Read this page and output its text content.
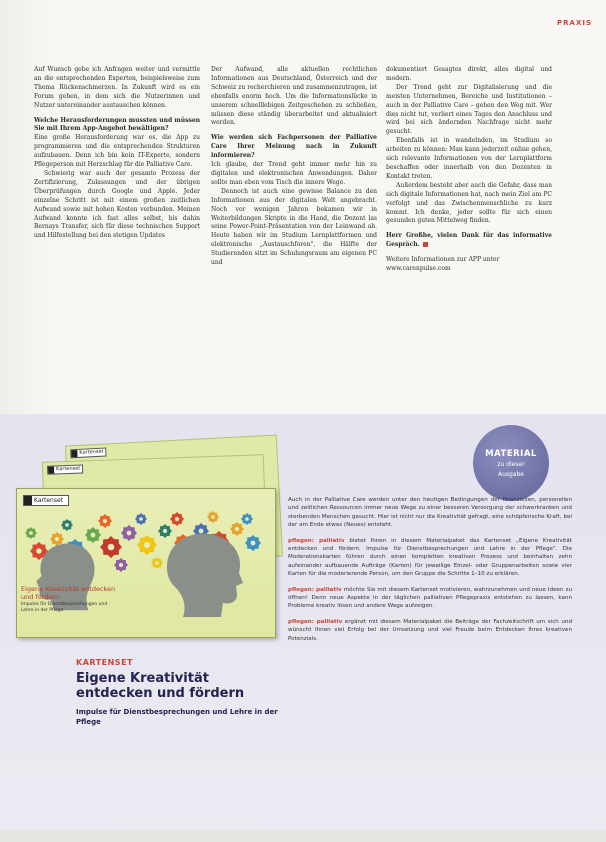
PRAXIS

Auf Wunsch gebe ich Anfragen weiter und vermittle an die entsprechenden Experten, beispielsweise zum Thema Rückenschmerzen. In Zukunft wird es ein Forum geben, in dem sich die Nutzerinnen und Nutzer untereinander austauschen können.

Welche Herausforderungen mussten und müssen Sie mit Ihrem App-Angebot bewältigen?

Eine große Herausforderung war es, die App zu programmieren und die entsprechenden Strukturen aufzubauen. Denn ich bin kein IT-Experte, sondern Pflegeperson mit Herzschlag für die Palliative Care.

Schwierig war auch der gesamte Prozess der Zertifizierung, Zulassungen und der übrigen Überprüfungen durch Google und Apple. Jeder einzelne Schritt ist mit einem großen zeitlichen Aufwand sowie mit hohen Kosten verbunden. Meinen Aufwand konnte ich fast alles selbst, bis dahin Bernays Transfer, sich für diese technischen Support und Hilfestellung bei den stetigen Updates

Der Aufwand, alle aktuellen rechtlichen Informationen aus Deutschland, Österreich und der Schweiz zu recherchieren und zusammenzutragen, ist ebenfalls enorm hoch. Um die Informationslücke in unserem schnelllebigen Zeitgeschehen zu schließen, müssen diese ständig überarbeitet und aktualisiert werden.

Wie werden sich Fachpersonen der Palliative Care Ihrer Meinung nach in Zukunft informieren?

Ich glaube, der Trend geht immer mehr hin zu digitalen und elektronischen Anwendungen. Daher sollte man eben vom Tisch die innere Wege.

Dennoch ist auch eine gewisse Balance zu den Informationen aus der digitalen Welt angebracht. Noch vor wenigen Jahren bekamen wir in Weiterbildungen Skripte in die Hand, die Dozent las seine Power-Point-Präsentation von der Leinwand ab. Heute haben wir im Studium Lernplattformen und elektronische „Austauschforen", die Hälfte der Studierenden sitzt im Schulungsraum am eigenen PC und

dokumentiert Gesagtes direkt, alles digital und modern.

Der Trend geht zur Digitalisierung und die meisten Unternehmen, Bereiche und Institutionen – auch in der Palliative Care – gehen den Weg mit. Wer dies nicht tut, verliert eines Tages den Anschluss und wird bei sich ändernden Nachfrage nicht mehr gesucht.

Ebenfalls ist in wandelnden, im Studium so arbeiten zu können: Man kann jederzeit online gehen, sich relevante Informationen von der Lernplattform beschaffen oder innerhalb von den Dozenten in Kontakt treten.

Außerdem besteht aber auch die Gefahr, dass man sich digitale Informationen hat, nach mein Ziel am PC verfolgt und das Zwischenmenschliche zu kurz kommt. Ich denke, jeder sollte für sich einen gesunden guten Mittelweg finden.

Herr Großhe, vielen Dank für das informative Gespräch.

Weitere Informationen zur APP unter
www.carenpulse.com

Kartenset
Kartenset
Kartenset
Eigene Kreativität entdecken und fördern
Impulse für Dienstbesprechungen und Lehre in der Pflege
MATERIAL
zu dieser
Ausgabe
KARTENSET
Eigene Kreativität entdecken und fördern
Impulse für Dienstbesprechungen und Lehre in der Pflege

Auch in der Palliative Care werden unter den heutigen Bedingungen der finanziellen, personellen und zeitlichen Ressourcen immer neue Wege zu einer besseren Versorgung der schwerkranken und sterbenden Menschen gesucht. Hier ist nicht nur die Kreativität gefragt, eine schöpferische Kraft, bei der am Ende etwas (Neues) entsteht.

pflegen: palliativ bietet Ihnen in diesem Materialpaket das Kartenset „Eigene Kreativität entdecken und fördern. Impulse für Dienstbesprechungen und Lehre in der Pflege". Die Moderationskarten führen durch einen kompletten kreativen Prozess und beinhalten zehn aufeinander aufbauende Aufträge (Karten) für jeweilige Einzel- oder Gruppenarbeiten sowie vier Karten für die moderierende Person, um den Gruppe die Schritte 1–10 zu erklären.

pflegen: palliativ möchte Sie mit diesem Kartenset motivieren, wahrzunehmen und neue Ideen zu öffnen! Denn neue Aspekte in der täglichen palliativen Pflegepraxis entstehen zu lassen, kann Probleme kreativ lösen und andere Wege aufzeigen.

pflegen: palliativ ergänzt mit diesem Materialpaket die Beiträge der Fachzeitschrift um sich und wünscht Ihnen viel Erfolg bei der Umsetzung und viel Freude beim Entdecken Ihres kreativen Potenzials.
